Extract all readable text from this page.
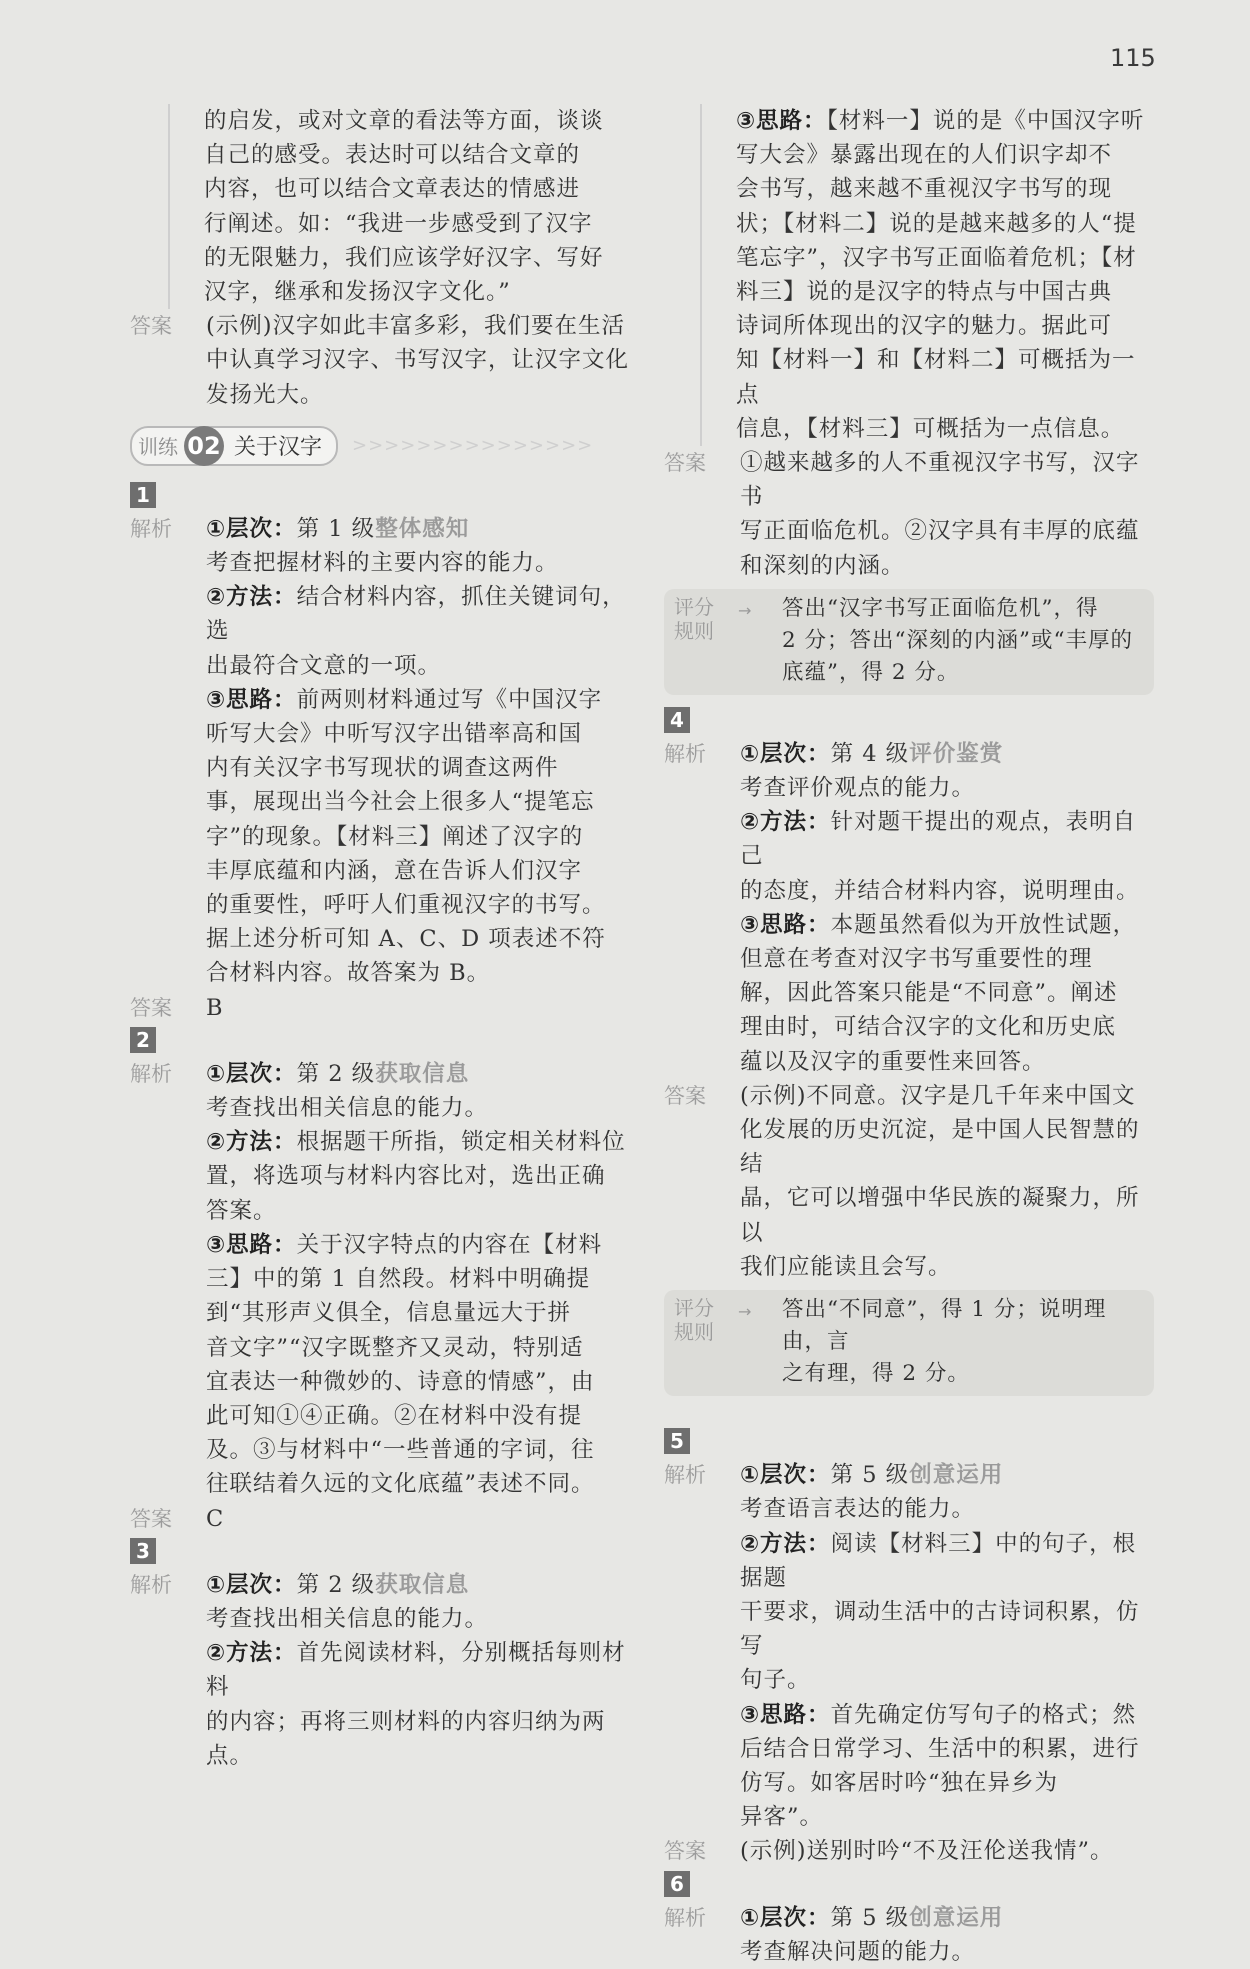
115

的启发，或对文章的看法等方面，谈谈

自己的感受。表达时可以结合文章的

内容，也可以结合文章表达的情感进

行阐述。如：“我进一步感受到了汉字

的无限魅力，我们应该学好汉字、写好

汉字，继承和发扬汉字文化。”

答案	(示例)汉字如此丰富多彩，我们要在生活

中认真学习汉字、书写汉字，让汉字文化

发扬光大。

训练 02 关于汉字 >>>>>>>>>>>>>>>
1
解析	①层次：第 1 级整体感知

考查把握材料的主要内容的能力。

②方法：结合材料内容，抓住关键词句，选

出最符合文意的一项。

③思路：前两则材料通过写《中国汉字

听写大会》中听写汉字出错率高和国

内有关汉字书写现状的调查这两件

事，展现出当今社会上很多人“提笔忘

字”的现象。【材料三】阐述了汉字的

丰厚底蕴和内涵，意在告诉人们汉字

的重要性，呼吁人们重视汉字的书写。

据上述分析可知 A、C、D 项表述不符

合材料内容。故答案为 B。

答案	B
2
解析	①层次：第 2 级获取信息

考查找出相关信息的能力。

②方法：根据题干所指，锁定相关材料位

置，将选项与材料内容比对，选出正确

答案。

③思路：关于汉字特点的内容在【材料

三】中的第 1 自然段。材料中明确提

到“其形声义俱全，信息量远大于拼

音文字”“汉字既整齐又灵动，特别适

宜表达一种微妙的、诗意的情感”，由

此可知①④正确。②在材料中没有提

及。③与材料中“一些普通的字词，往

往联结着久远的文化底蕴”表述不同。

答案	C
3
解析	①层次：第 2 级获取信息

考查找出相关信息的能力。

②方法：首先阅读材料，分别概括每则材料

的内容；再将三则材料的内容归纳为两点。

③思路：【材料一】说的是《中国汉字听

写大会》暴露出现在的人们识字却不

会书写，越来越不重视汉字书写的现

状；【材料二】说的是越来越多的人“提

笔忘字”，汉字书写正面临着危机；【材

料三】说的是汉字的特点与中国古典

诗词所体现出的汉字的魅力。据此可

知【材料一】和【材料二】可概括为一点

信息，【材料三】可概括为一点信息。

答案	①越来越多的人不重视汉字书写，汉字书

写正面临危机。②汉字具有丰厚的底蕴

和深刻的内涵。

评分
规则
→	答出“汉字书写正面临危机”，得
2 分；答出“深刻的内涵”或“丰厚的
底蕴”，得 2 分。
4
解析	①层次：第 4 级评价鉴赏

考查评价观点的能力。

②方法：针对题干提出的观点，表明自己

的态度，并结合材料内容，说明理由。

③思路：本题虽然看似为开放性试题，

但意在考查对汉字书写重要性的理

解，因此答案只能是“不同意”。阐述

理由时，可结合汉字的文化和历史底

蕴以及汉字的重要性来回答。

答案	(示例)不同意。汉字是几千年来中国文

化发展的历史沉淀，是中国人民智慧的结

晶，它可以增强中华民族的凝聚力，所以

我们应能读且会写。

评分
规则
→	答出“不同意”，得 1 分；说明理由，言
之有理，得 2 分。
5
解析	①层次：第 5 级创意运用

考查语言表达的能力。

②方法：阅读【材料三】中的句子，根据题

干要求，调动生活中的古诗词积累，仿写

句子。

③思路：首先确定仿写句子的格式；然

后结合日常学习、生活中的积累，进行

仿写。如客居时吟“独在异乡为

异客”。

答案	(示例)送别时吟“不及汪伦送我情”。
6
解析	①层次：第 5 级创意运用

考查解决问题的能力。
